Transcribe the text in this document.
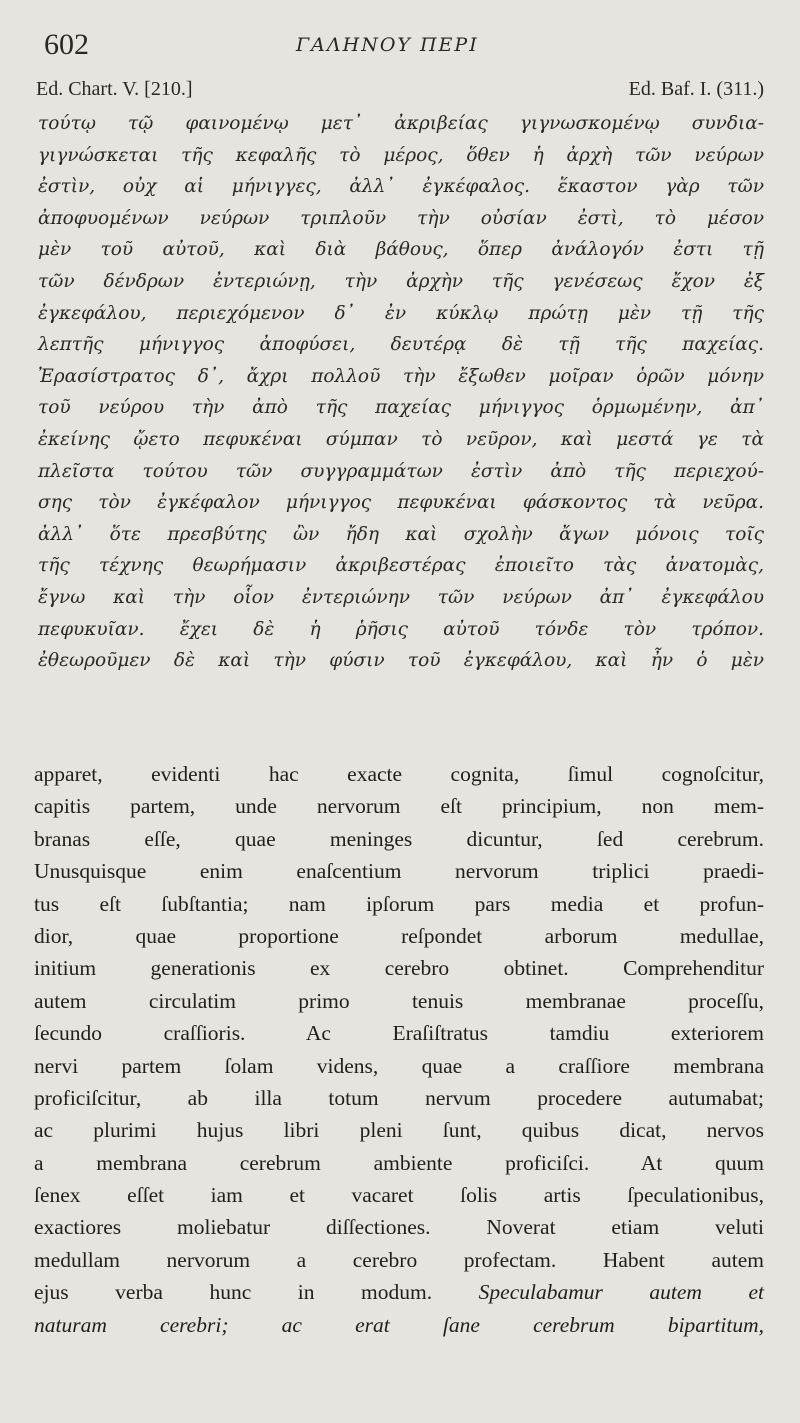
602	ΓΑΛΗΝΟΥ ΠΕΡΙ
Ed. Chart. V. [210.]	Ed. Baf. I. (311.)
τούτῳ τῷ φαινομένῳ μετ᾽ ἀκριβείας γιγνωσκομένῳ συνδια-
γιγνώσκεται τῆς κεφαλῆς τὸ μέρος, ὅθεν ἡ ἀρχὴ τῶν νεύρων
ἐστὶν, οὐχ αἱ μήνιγγες, ἀλλ᾽ ἐγκέφαλος. ἕκαστον γὰρ τῶν
ἀποφυομένων νεύρων τριπλοῦν τὴν οὐσίαν ἐστὶ, τὸ μέσον
μὲν τοῦ αὐτοῦ, καὶ διὰ βάθους, ὅπερ ἀνάλογόν ἐστι τῇ
τῶν δένδρων ἐντεριώνῃ, τὴν ἀρχὴν τῆς γενέσεως ἔχον ἐξ
ἐγκεφάλου, περιεχόμενον δ᾽ ἐν κύκλῳ πρώτῃ μὲν τῇ τῆς
λεπτῆς μήνιγγος ἀποφύσει, δευτέρᾳ δὲ τῇ τῆς παχείας.
Ἐρασίστρατος δ᾽, ἄχρι πολλοῦ τὴν ἔξωθεν μοῖραν ὁρῶν μόνην
τοῦ νεύρου τὴν ἀπὸ τῆς παχείας μήνιγγος ὁρμωμένην, ἀπ᾽
ἐκείνης ᾤετο πεφυκέναι σύμπαν τὸ νεῦρον, καὶ μεστά γε τὰ
πλεῖστα τούτου τῶν συγγραμμάτων ἐστὶν ἀπὸ τῆς περιεχού-
σης τὸν ἐγκέφαλον μήνιγγος πεφυκέναι φάσκοντος τὰ νεῦρα.
ἀλλ᾽ ὅτε πρεσβύτης ὢν ἤδη καὶ σχολὴν ἄγων μόνοις τοῖς
τῆς τέχνης θεωρήμασιν ἀκριβεστέρας ἐποιεῖτο τὰς ἀνατομὰς,
ἔγνω καὶ τὴν οἷον ἐντεριώνην τῶν νεύρων ἀπ᾽ ἐγκεφάλου
πεφυκυῖαν. ἔχει δὲ ἡ ῥῆσις αὐτοῦ τόνδε τὸν τρόπον.
ἐθεωροῦμεν δὲ καὶ τὴν φύσιν τοῦ ἐγκεφάλου, καὶ ἦν ὁ μὲν
apparet, evidenti hac exacte cognita, ſimul cognoſcitur,
capitis partem, unde nervorum eſt principium, non mem-
branas eſſe, quae meninges dicuntur, ſed cerebrum.
Unusquisque enim enaſcentium nervorum triplici praedi-
tus eſt ſubſtantia; nam ipſorum pars media et profun-
dior, quae proportione reſpondet arborum medullae,
initium generationis ex cerebro obtinet. Comprehenditur
autem circulatim primo tenuis membranae proceſſu,
ſecundo craſſioris. Ac Eraſiſtratus tamdiu exteriorem
nervi partem ſolam videns, quae a craſſiore membrana
proficiſcitur, ab illa totum nervum procedere autumabat;
ac plurimi hujus libri pleni ſunt, quibus dicat, nervos
a membrana cerebrum ambiente proficiſci. At quum
ſenex eſſet iam et vacaret ſolis artis ſpeculationibus,
exactiores moliebatur diſſectiones. Noverat etiam veluti
medullam nervorum a cerebro profectam. Habent autem
ejus verba hunc in modum. Speculabamur autem et
naturam cerebri; ac erat ſane cerebrum bipartitum,
